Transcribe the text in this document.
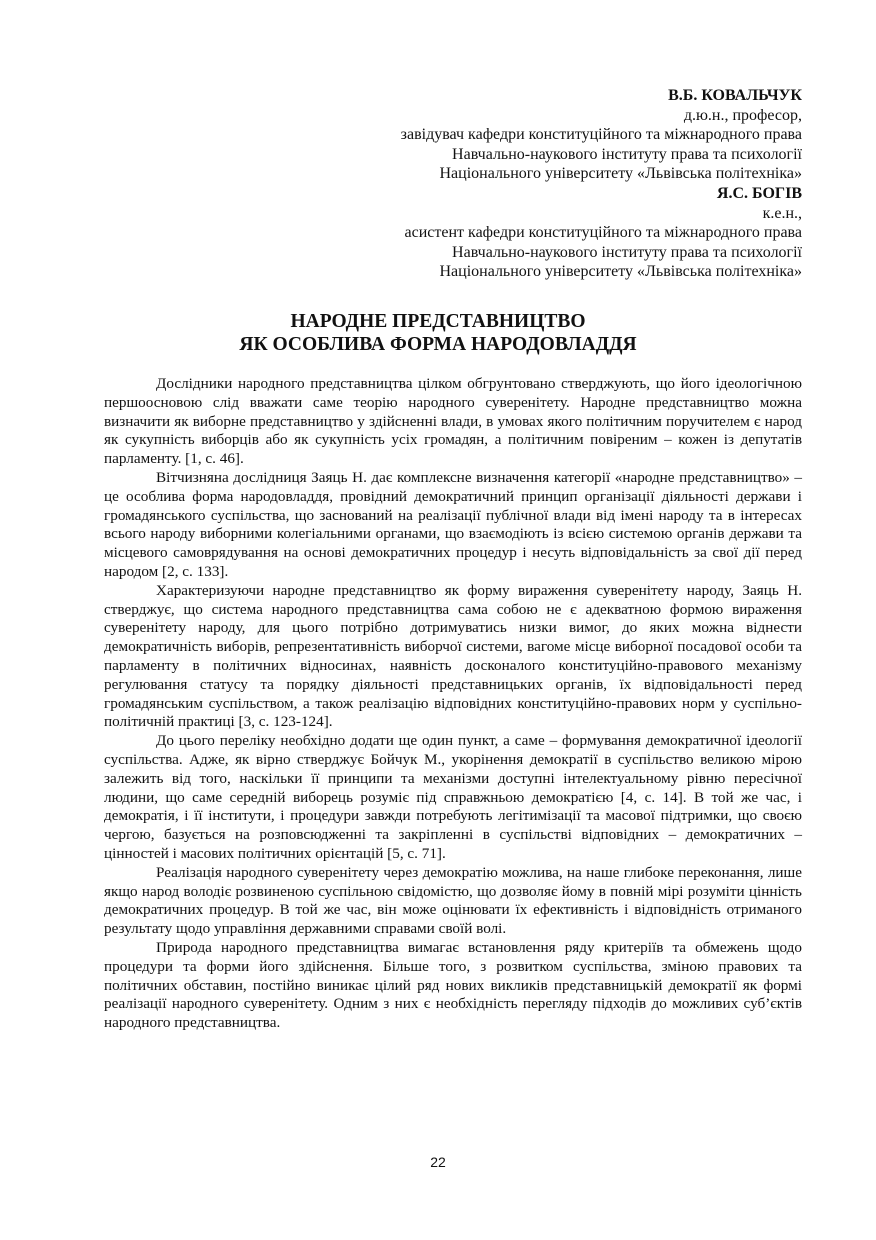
В.Б. КОВАЛЬЧУК
д.ю.н., професор,
завідувач кафедри конституційного та міжнародного права
Навчально-наукового інституту права та психології
Національного університету «Львівська політехніка»
Я.С. БОГІВ
к.е.н.,
асистент кафедри конституційного та міжнародного права
Навчально-наукового інституту права та психології
Національного університету «Львівська політехніка»
НАРОДНЕ ПРЕДСТАВНИЦТВО
ЯК ОСОБЛИВА ФОРМА НАРОДОВЛАДДЯ

Дослідники народного представництва цілком обгрунтовано стверджують, що його ідеологічною першоосновою слід вважати саме теорію народного суверенітету. Народне представництво можна визначити як виборне представництво у здійсненні влади, в умовах якого політичним поручителем є народ як сукупність виборців або як сукупність усіх громадян, а політичним повіреним – кожен із депутатів парламенту. [1, с. 46].

Вітчизняна дослідниця Заяць Н. дає комплексне визначення категорії «народне представництво» – це особлива форма народовладдя, провідний демократичний принцип організації діяльності держави і громадянського суспільства, що заснований на реалізації публічної влади від імені народу та в інтересах всього народу виборними колегіальними органами, що взаємодіють із всією системою органів держави та місцевого самоврядування на основі демократичних процедур і несуть відповідальність за свої дії перед народом [2, с. 133].

Характеризуючи народне представництво як форму вираження суверенітету народу, Заяць Н. стверджує, що система народного представництва сама собою не є адекватною формою вираження суверенітету народу, для цього потрібно дотримуватись низки вимог, до яких можна віднести демократичність виборів, репрезентативність виборчої системи, вагоме місце виборної посадової особи та парламенту в політичних відносинах, наявність досконалого конституційно-правового механізму регулювання статусу та порядку діяльності представницьких органів, їх відповідальності перед громадянським суспільством, а також реалізацію відповідних конституційно-правових норм у суспільно-політичній практиці [3, с. 123-124].

До цього переліку необхідно додати ще один пункт, а саме – формування демократичної ідеології суспільства. Адже, як вірно стверджує Бойчук М., укорінення демократії в суспільство великою мірою залежить від того, наскільки її принципи та механізми доступні інтелектуальному рівню пересічної людини, що саме середній виборець розуміє під справжньою демократією [4, с. 14]. В той же час, і демократія, і її інститути, і процедури завжди потребують легітимізації та масової підтримки, що своєю чергою, базується на розповсюдженні та закріпленні в суспільстві відповідних – демократичних – цінностей і масових політичних орієнтацій [5, с. 71].

Реалізація народного суверенітету через демократію можлива, на наше глибоке переконання, лише якщо народ володіє розвиненою суспільною свідомістю, що дозволяє йому в повній мірі розуміти цінність демократичних процедур. В той же час, він може оцінювати їх ефективність і відповідність отриманого результату щодо управління державними справами своїй волі.

Природа народного представництва вимагає встановлення ряду критеріїв та обмежень щодо процедури та форми його здійснення. Більше того, з розвитком суспільства, зміною правових та політичних обставин, постійно виникає цілий ряд нових викликів представницькій демократії як формі реалізації народного суверенітету. Одним з них є необхідність перегляду підходів до можливих суб’єктів народного представництва.

22
